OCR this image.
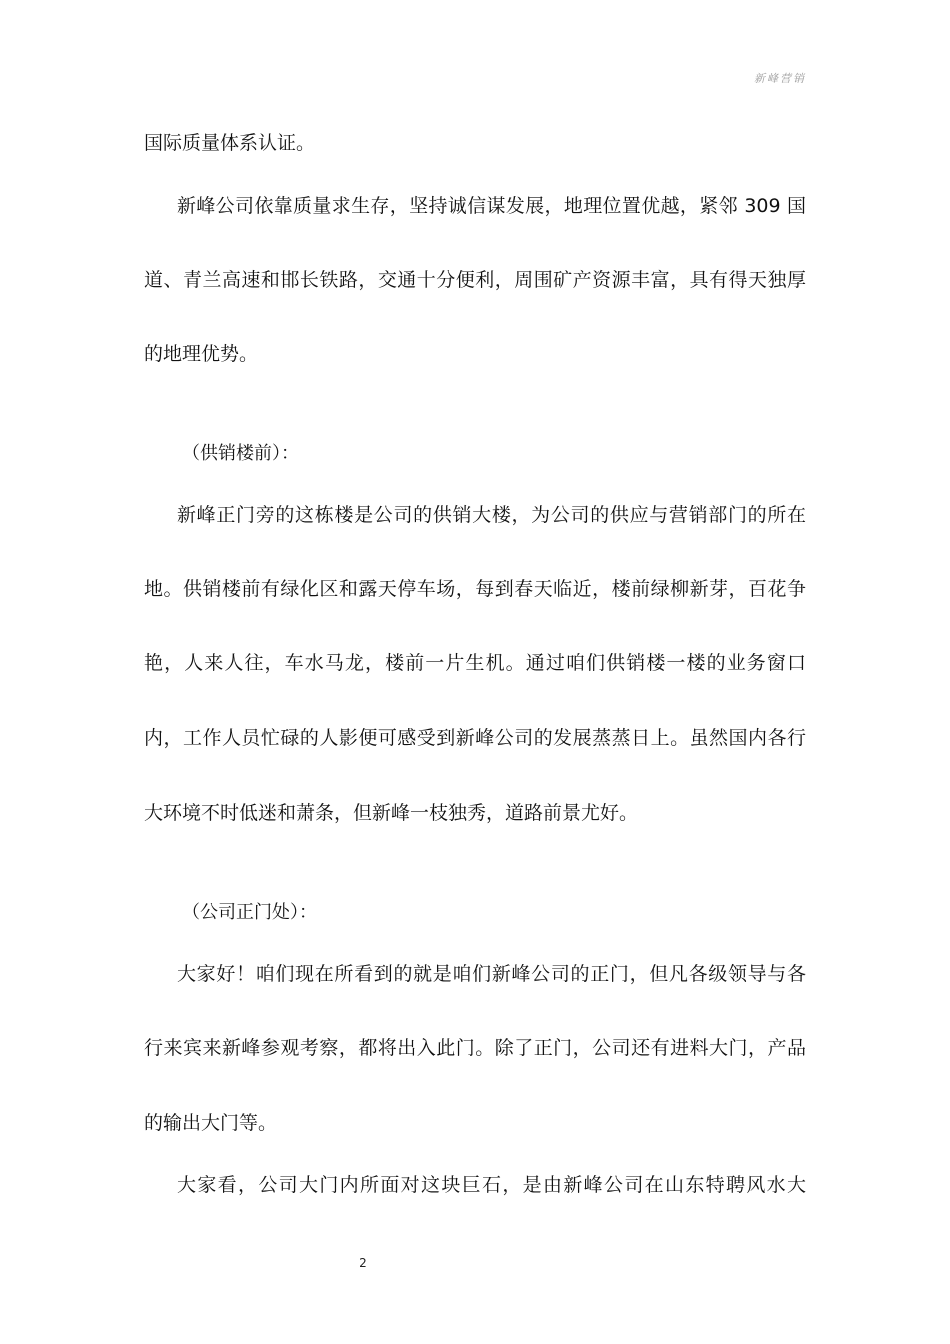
新峰营销
国际质量体系认证。
新峰公司依靠质量求生存，坚持诚信谋发展，地理位置优越，紧邻 309 国
道、青兰高速和邯长铁路，交通十分便利，周围矿产资源丰富，具有得天独厚
的地理优势。
（供销楼前）：
新峰正门旁的这栋楼是公司的供销大楼，为公司的供应与营销部门的所在
地。供销楼前有绿化区和露天停车场，每到春天临近，楼前绿柳新芽，百花争
艳，人来人往，车水马龙，楼前一片生机。通过咱们供销楼一楼的业务窗口
内，工作人员忙碌的人影便可感受到新峰公司的发展蒸蒸日上。虽然国内各行
大环境不时低迷和萧条，但新峰一枝独秀，道路前景尤好。
（公司正门处）：
大家好！咱们现在所看到的就是咱们新峰公司的正门，但凡各级领导与各
行来宾来新峰参观考察，都将出入此门。除了正门，公司还有进料大门，产品
的输出大门等。
大家看，公司大门内所面对这块巨石，是由新峰公司在山东特聘风水大
2
